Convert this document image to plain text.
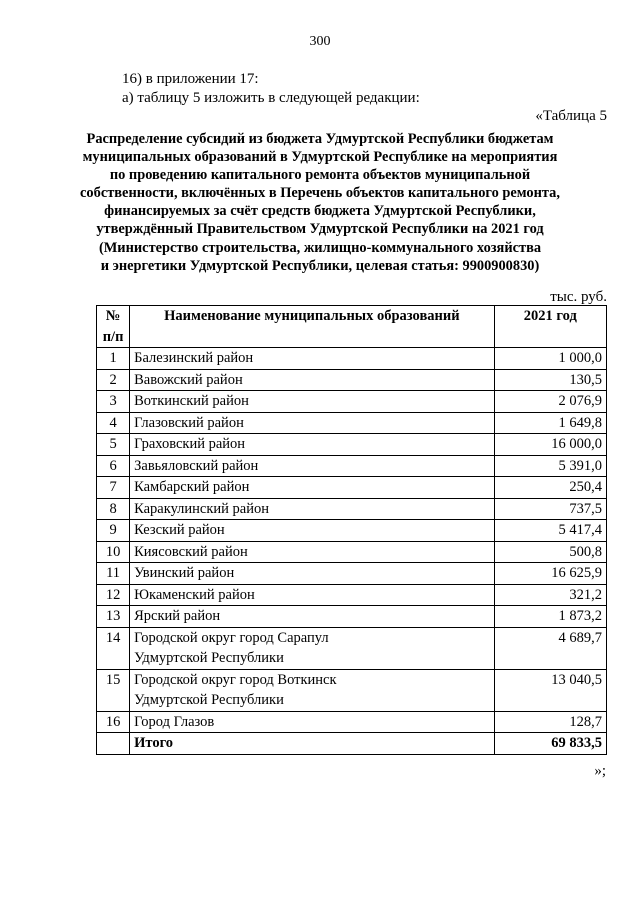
300
16) в приложении 17:
а) таблицу 5 изложить в следующей редакции:
«Таблица 5
Распределение субсидий из бюджета Удмуртской Республики бюджетам
муниципальных образований в Удмуртской Республике на мероприятия
по проведению капитального ремонта объектов муниципальной
собственности, включённых в Перечень объектов капитального ремонта,
финансируемых за счёт средств бюджета Удмуртской Республики,
утверждённый Правительством Удмуртской Республики на 2021 год
(Министерство строительства, жилищно-коммунального хозяйства
и энергетики Удмуртской Республики, целевая статья: 9900900830)
тыс. руб.
№
п/п	Наименование муниципальных образований	2021 год
1	Балезинский район	1 000,0
2	Вавожский район	130,5
3	Воткинский район	2 076,9
4	Глазовский район	1 649,8
5	Граховский район	16 000,0
6	Завьяловский район	5 391,0
7	Камбарский район	250,4
8	Каракулинский район	737,5
9	Кезский район	5 417,4
10	Киясовский район	500,8
11	Увинский район	16 625,9
12	Юкаменский район	321,2
13	Ярский район	1 873,2
14	Городской округ город Сарапул
Удмуртской Республики	4 689,7
15	Городской округ город Воткинск
Удмуртской Республики	13 040,5
16	Город Глазов	128,7
	Итого	69 833,5
»;
